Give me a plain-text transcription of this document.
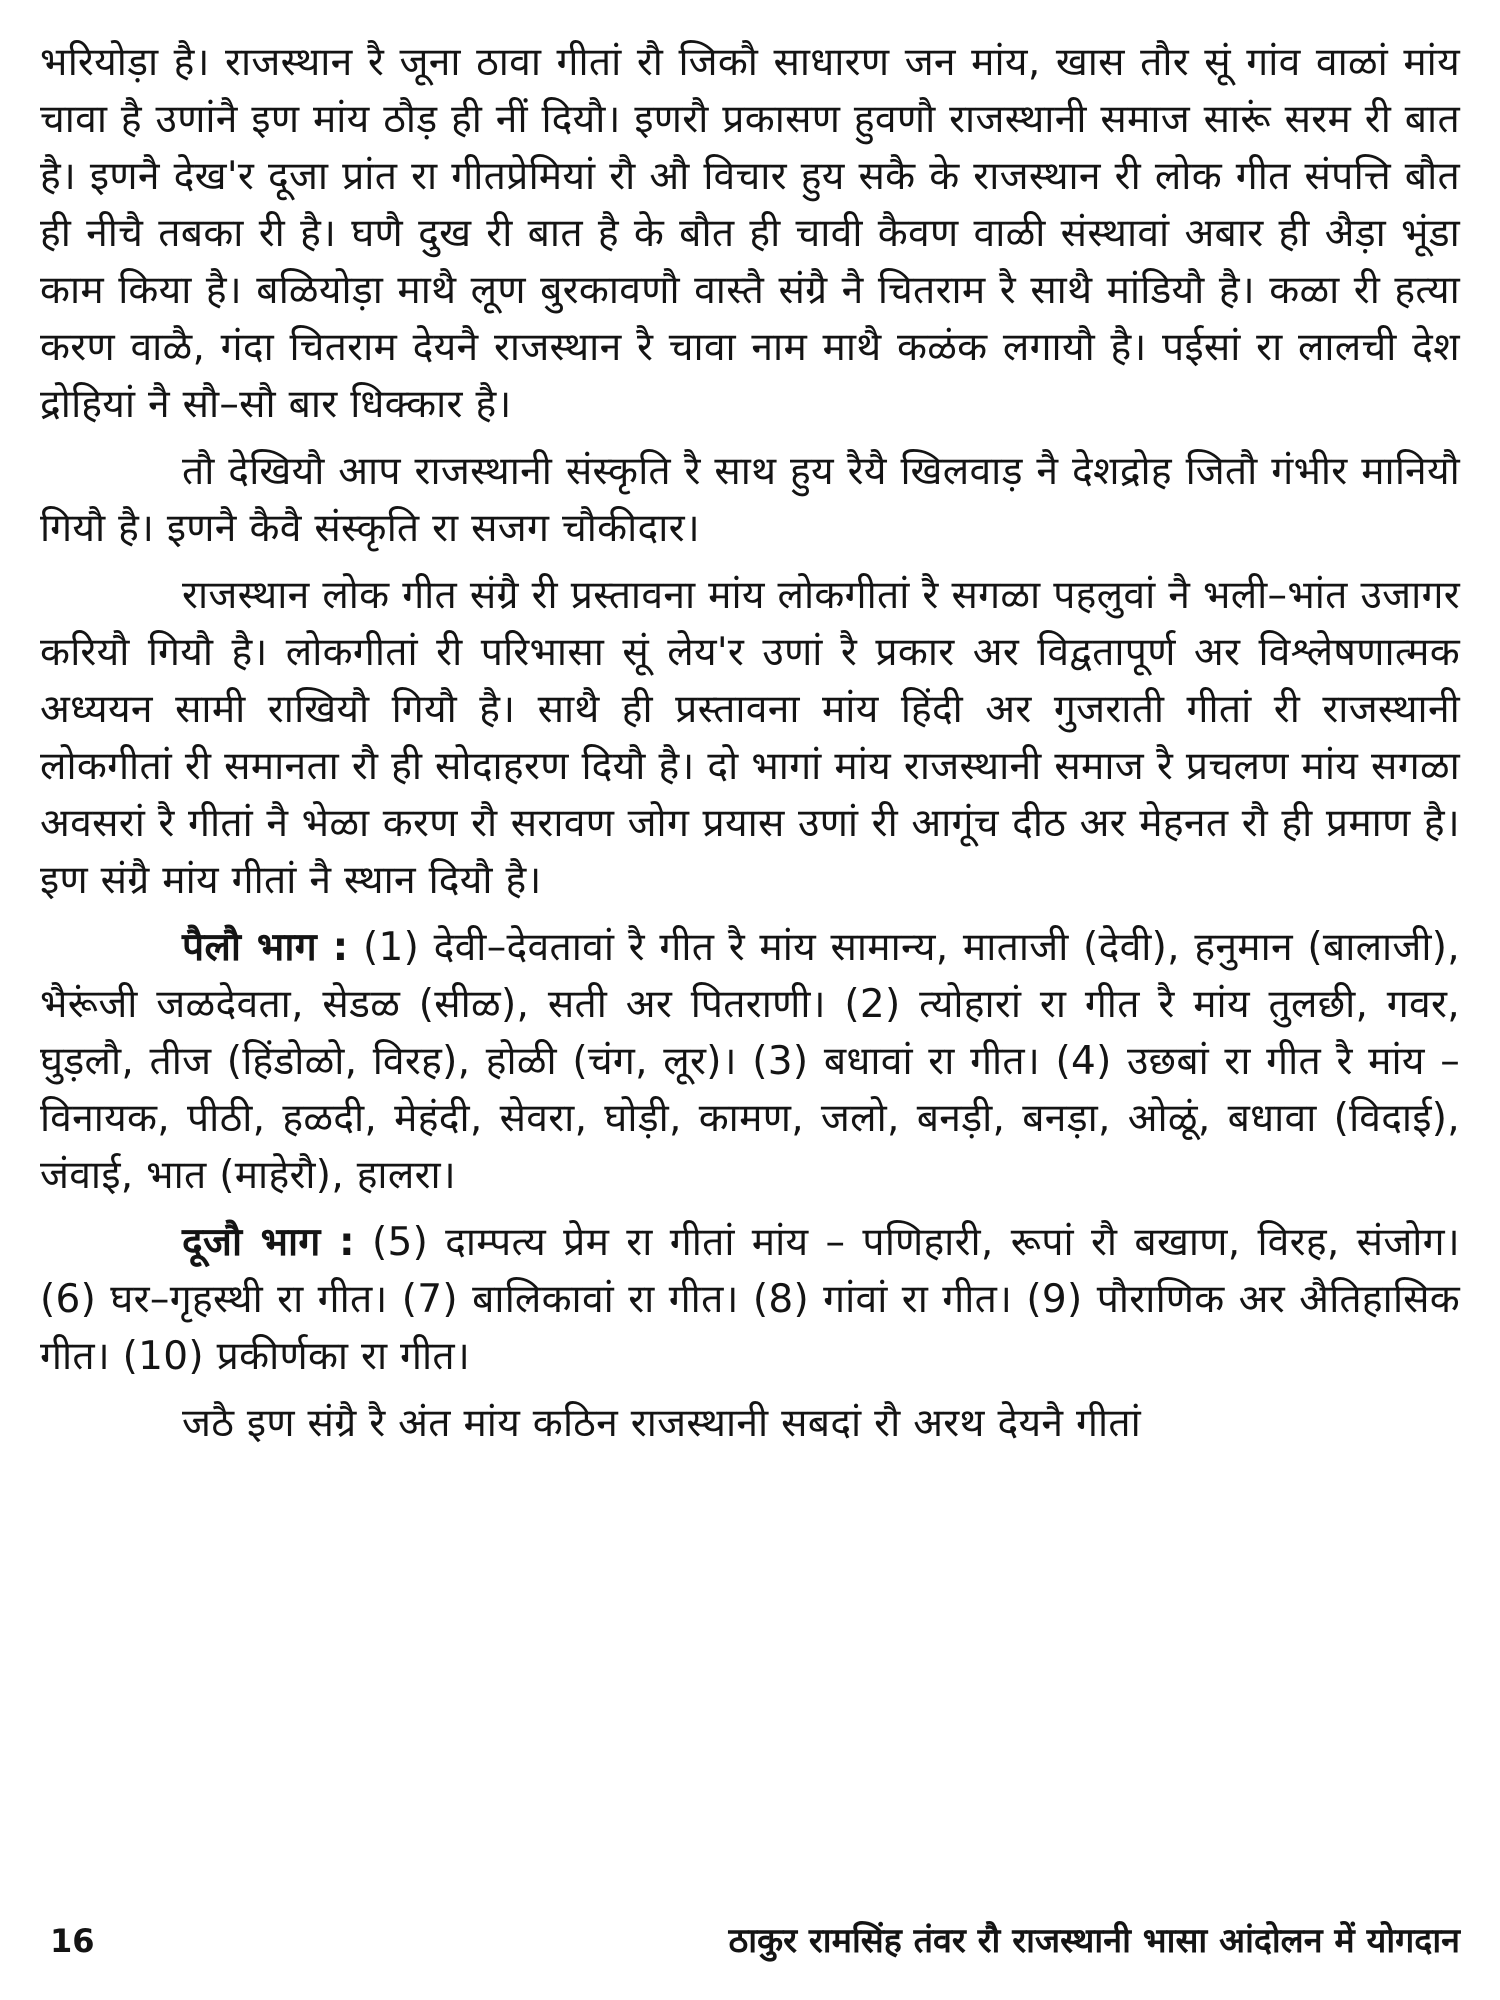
भरियोड़ा है। राजस्थान रै जूना ठावा गीतां रौ जिकौ साधारण जन मांय, खास तौर सूं गांव वाळां मांय चावा है उणांनै इण मांय ठौड़ ही नीं दियौ। इणरौ प्रकासण हुवणौ राजस्थानी समाज सारूं सरम री बात है। इणनै देख'र दूजा प्रांत रा गीतप्रेमियां रौ औ विचार हुय सकै के राजस्थान री लोक गीत संपत्ति बौत ही नीचै तबका री है। घणै दुख री बात है के बौत ही चावी कैवण वाळी संस्थावां अबार ही अैड़ा भूंडा काम किया है। बळियोड़ा माथै लूण बुरकावणौ वास्तै संग्रै नै चितराम रै साथै मांडियौ है। कळा री हत्या करण वाळै, गंदा चितराम देयनै राजस्थान रै चावा नाम माथै कळंक लगायौ है। पईसां रा लालची देश द्रोहियां नै सौ–सौ बार धिक्कार है।

तौ देखियौ आप राजस्थानी संस्कृति रै साथ हुय रैयै खिलवाड़ नै देशद्रोह जितौ गंभीर मानियौ गियौ है। इणनै कैवै संस्कृति रा सजग चौकीदार।

राजस्थान लोक गीत संग्रै री प्रस्तावना मांय लोकगीतां रै सगळा पहलुवां नै भली–भांत उजागर करियौ गियौ है। लोकगीतां री परिभासा सूं लेय'र उणां रै प्रकार अर विद्वतापूर्ण अर विश्लेषणात्मक अध्ययन सामी राखियौ गियौ है। साथै ही प्रस्तावना मांय हिंदी अर गुजराती गीतां री राजस्थानी लोकगीतां री समानता रौ ही सोदाहरण दियौ है। दो भागां मांय राजस्थानी समाज रै प्रचलण मांय सगळा अवसरां रै गीतां नै भेळा करण रौ सरावण जोग प्रयास उणां री आगूंच दीठ अर मेहनत रौ ही प्रमाण है। इण संग्रै मांय गीतां नै स्थान दियौ है।

पैलौ भाग : (1) देवी–देवतावां रै गीत रै मांय सामान्य, माताजी (देवी), हनुमान (बालाजी), भैरूंजी जळदेवता, सेडळ (सीळ), सती अर पितराणी। (2) त्योहारां रा गीत रै मांय तुलछी, गवर, घुड़लौ, तीज (हिंडोळो, विरह), होळी (चंग, लूर)। (3) बधावां रा गीत। (4) उछबां रा गीत रै मांय – विनायक, पीठी, हळदी, मेहंदी, सेवरा, घोड़ी, कामण, जलो, बनड़ी, बनड़ा, ओळूं, बधावा (विदाई), जंवाई, भात (माहेरौ), हालरा।

दूजौ भाग : (5) दाम्पत्य प्रेम रा गीतां मांय – पणिहारी, रूपां रौ बखाण, विरह, संजोग। (6) घर–गृहस्थी रा गीत। (7) बालिकावां रा गीत। (8) गांवां रा गीत। (9) पौराणिक अर अैतिहासिक गीत। (10) प्रकीर्णका रा गीत।

जठै इण संग्रै रै अंत मांय कठिन राजस्थानी सबदां रौ अरथ देयनै गीतां

16	ठाकुर रामसिंह तंवर रौ राजस्थानी भासा आंदोलन में योगदान
